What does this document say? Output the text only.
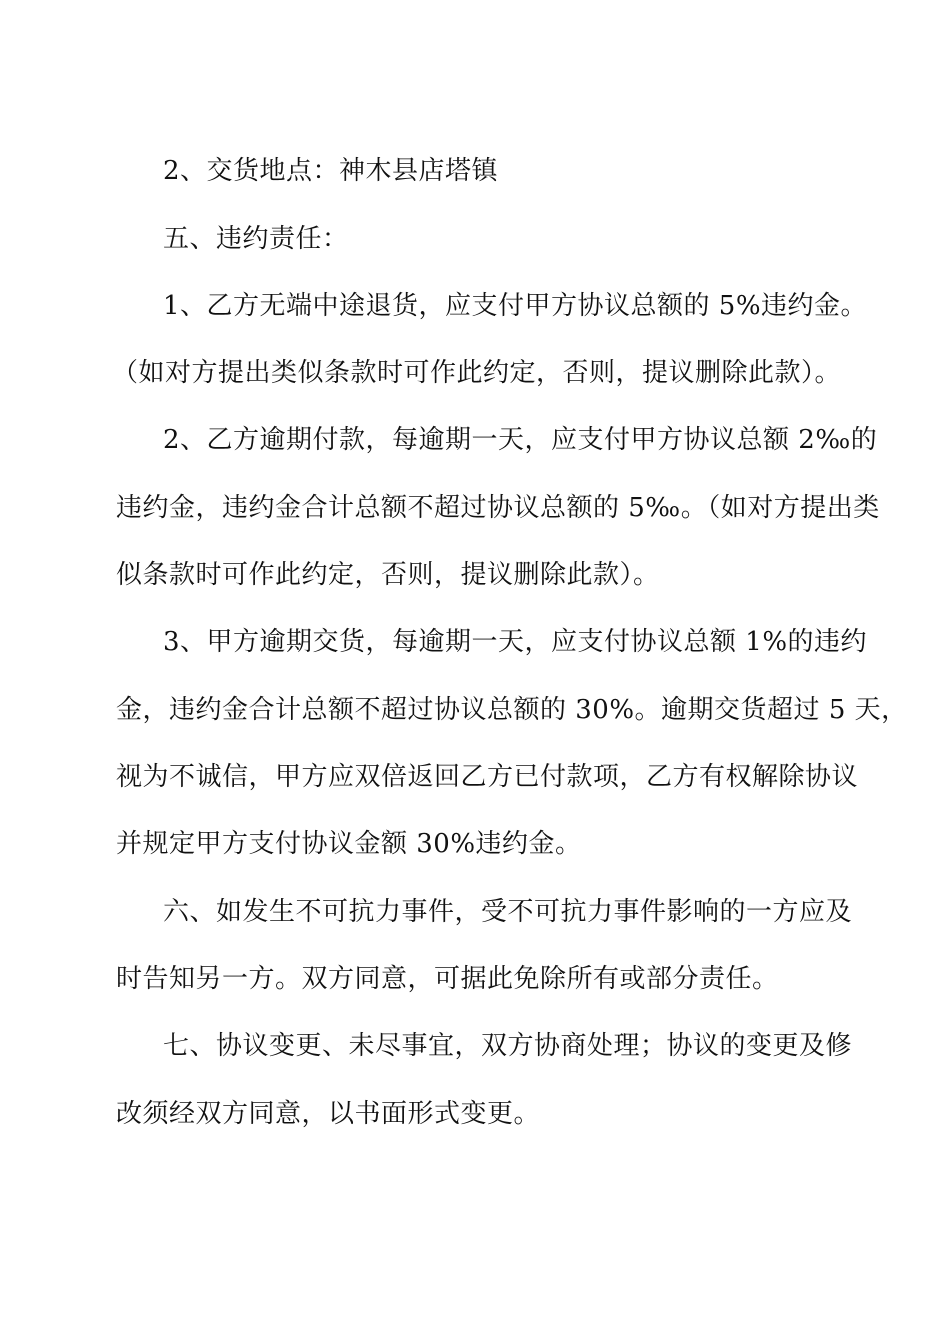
2、交货地点：神木县店塔镇
五、违约责任：
1、乙方无端中途退货，应支付甲方协议总额的 5%违约金。
（如对方提出类似条款时可作此约定，否则，提议删除此款）。
2、乙方逾期付款，每逾期一天，应支付甲方协议总额 2‰的
违约金，违约金合计总额不超过协议总额的 5‰。（如对方提出类
似条款时可作此约定，否则，提议删除此款）。
3、甲方逾期交货，每逾期一天，应支付协议总额 1%的违约
金，违约金合计总额不超过协议总额的 30%。逾期交货超过 5 天，
视为不诚信，甲方应双倍返回乙方已付款项，乙方有权解除协议
并规定甲方支付协议金额 30%违约金。
六、如发生不可抗力事件，受不可抗力事件影响的一方应及
时告知另一方。双方同意，可据此免除所有或部分责任。
七、协议变更、未尽事宜，双方协商处理；协议的变更及修
改须经双方同意，以书面形式变更。
